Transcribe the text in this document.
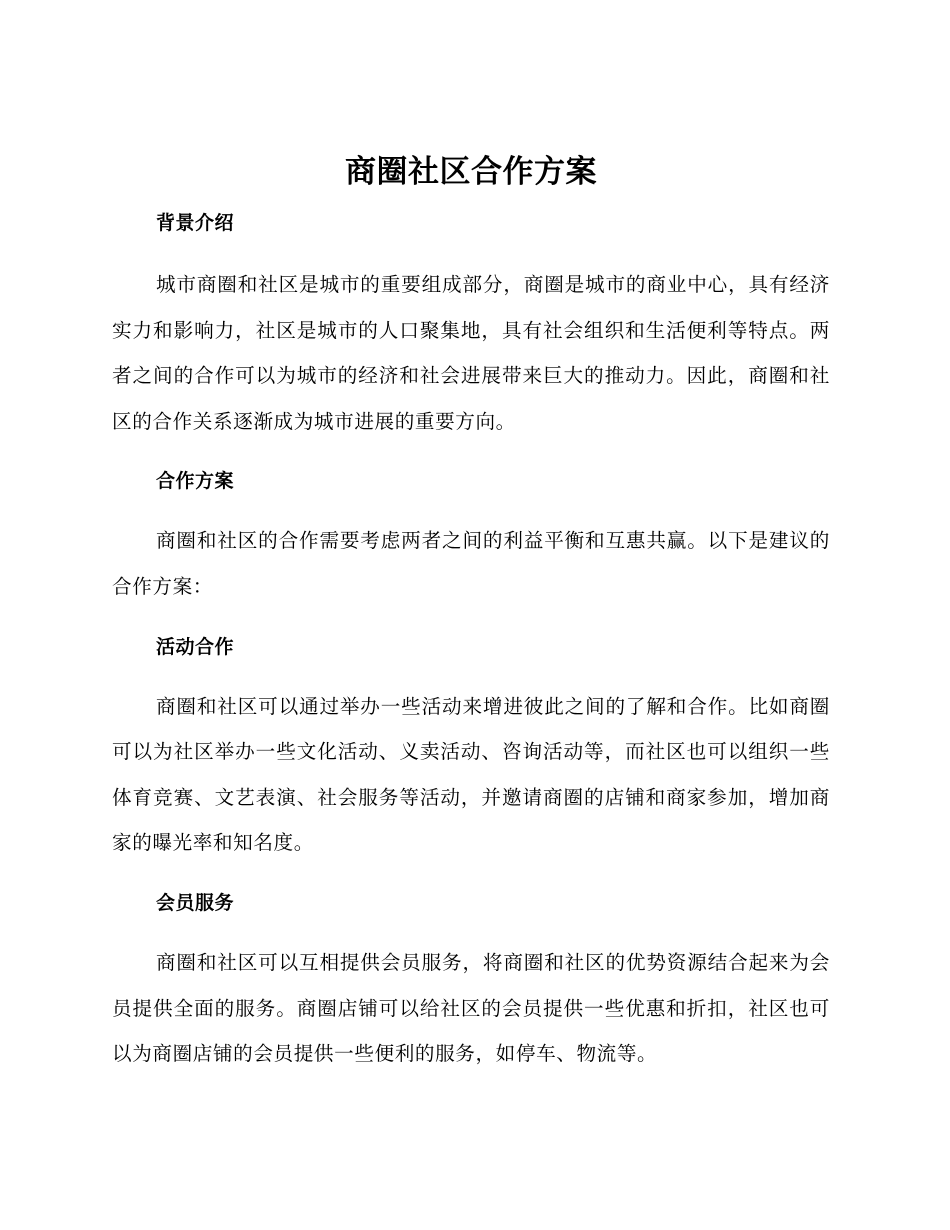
商圈社区合作方案
背景介绍

城市商圈和社区是城市的重要组成部分，商圈是城市的商业中心，具有经济实力和影响力，社区是城市的人口聚集地，具有社会组织和生活便利等特点。两者之间的合作可以为城市的经济和社会进展带来巨大的推动力。因此，商圈和社区的合作关系逐渐成为城市进展的重要方向。

合作方案

商圈和社区的合作需要考虑两者之间的利益平衡和互惠共赢。以下是建议的合作方案：

活动合作

商圈和社区可以通过举办一些活动来增进彼此之间的了解和合作。比如商圈可以为社区举办一些文化活动、义卖活动、咨询活动等，而社区也可以组织一些体育竞赛、文艺表演、社会服务等活动，并邀请商圈的店铺和商家参加，增加商家的曝光率和知名度。

会员服务

商圈和社区可以互相提供会员服务，将商圈和社区的优势资源结合起来为会员提供全面的服务。商圈店铺可以给社区的会员提供一些优惠和折扣，社区也可以为商圈店铺的会员提供一些便利的服务，如停车、物流等。
